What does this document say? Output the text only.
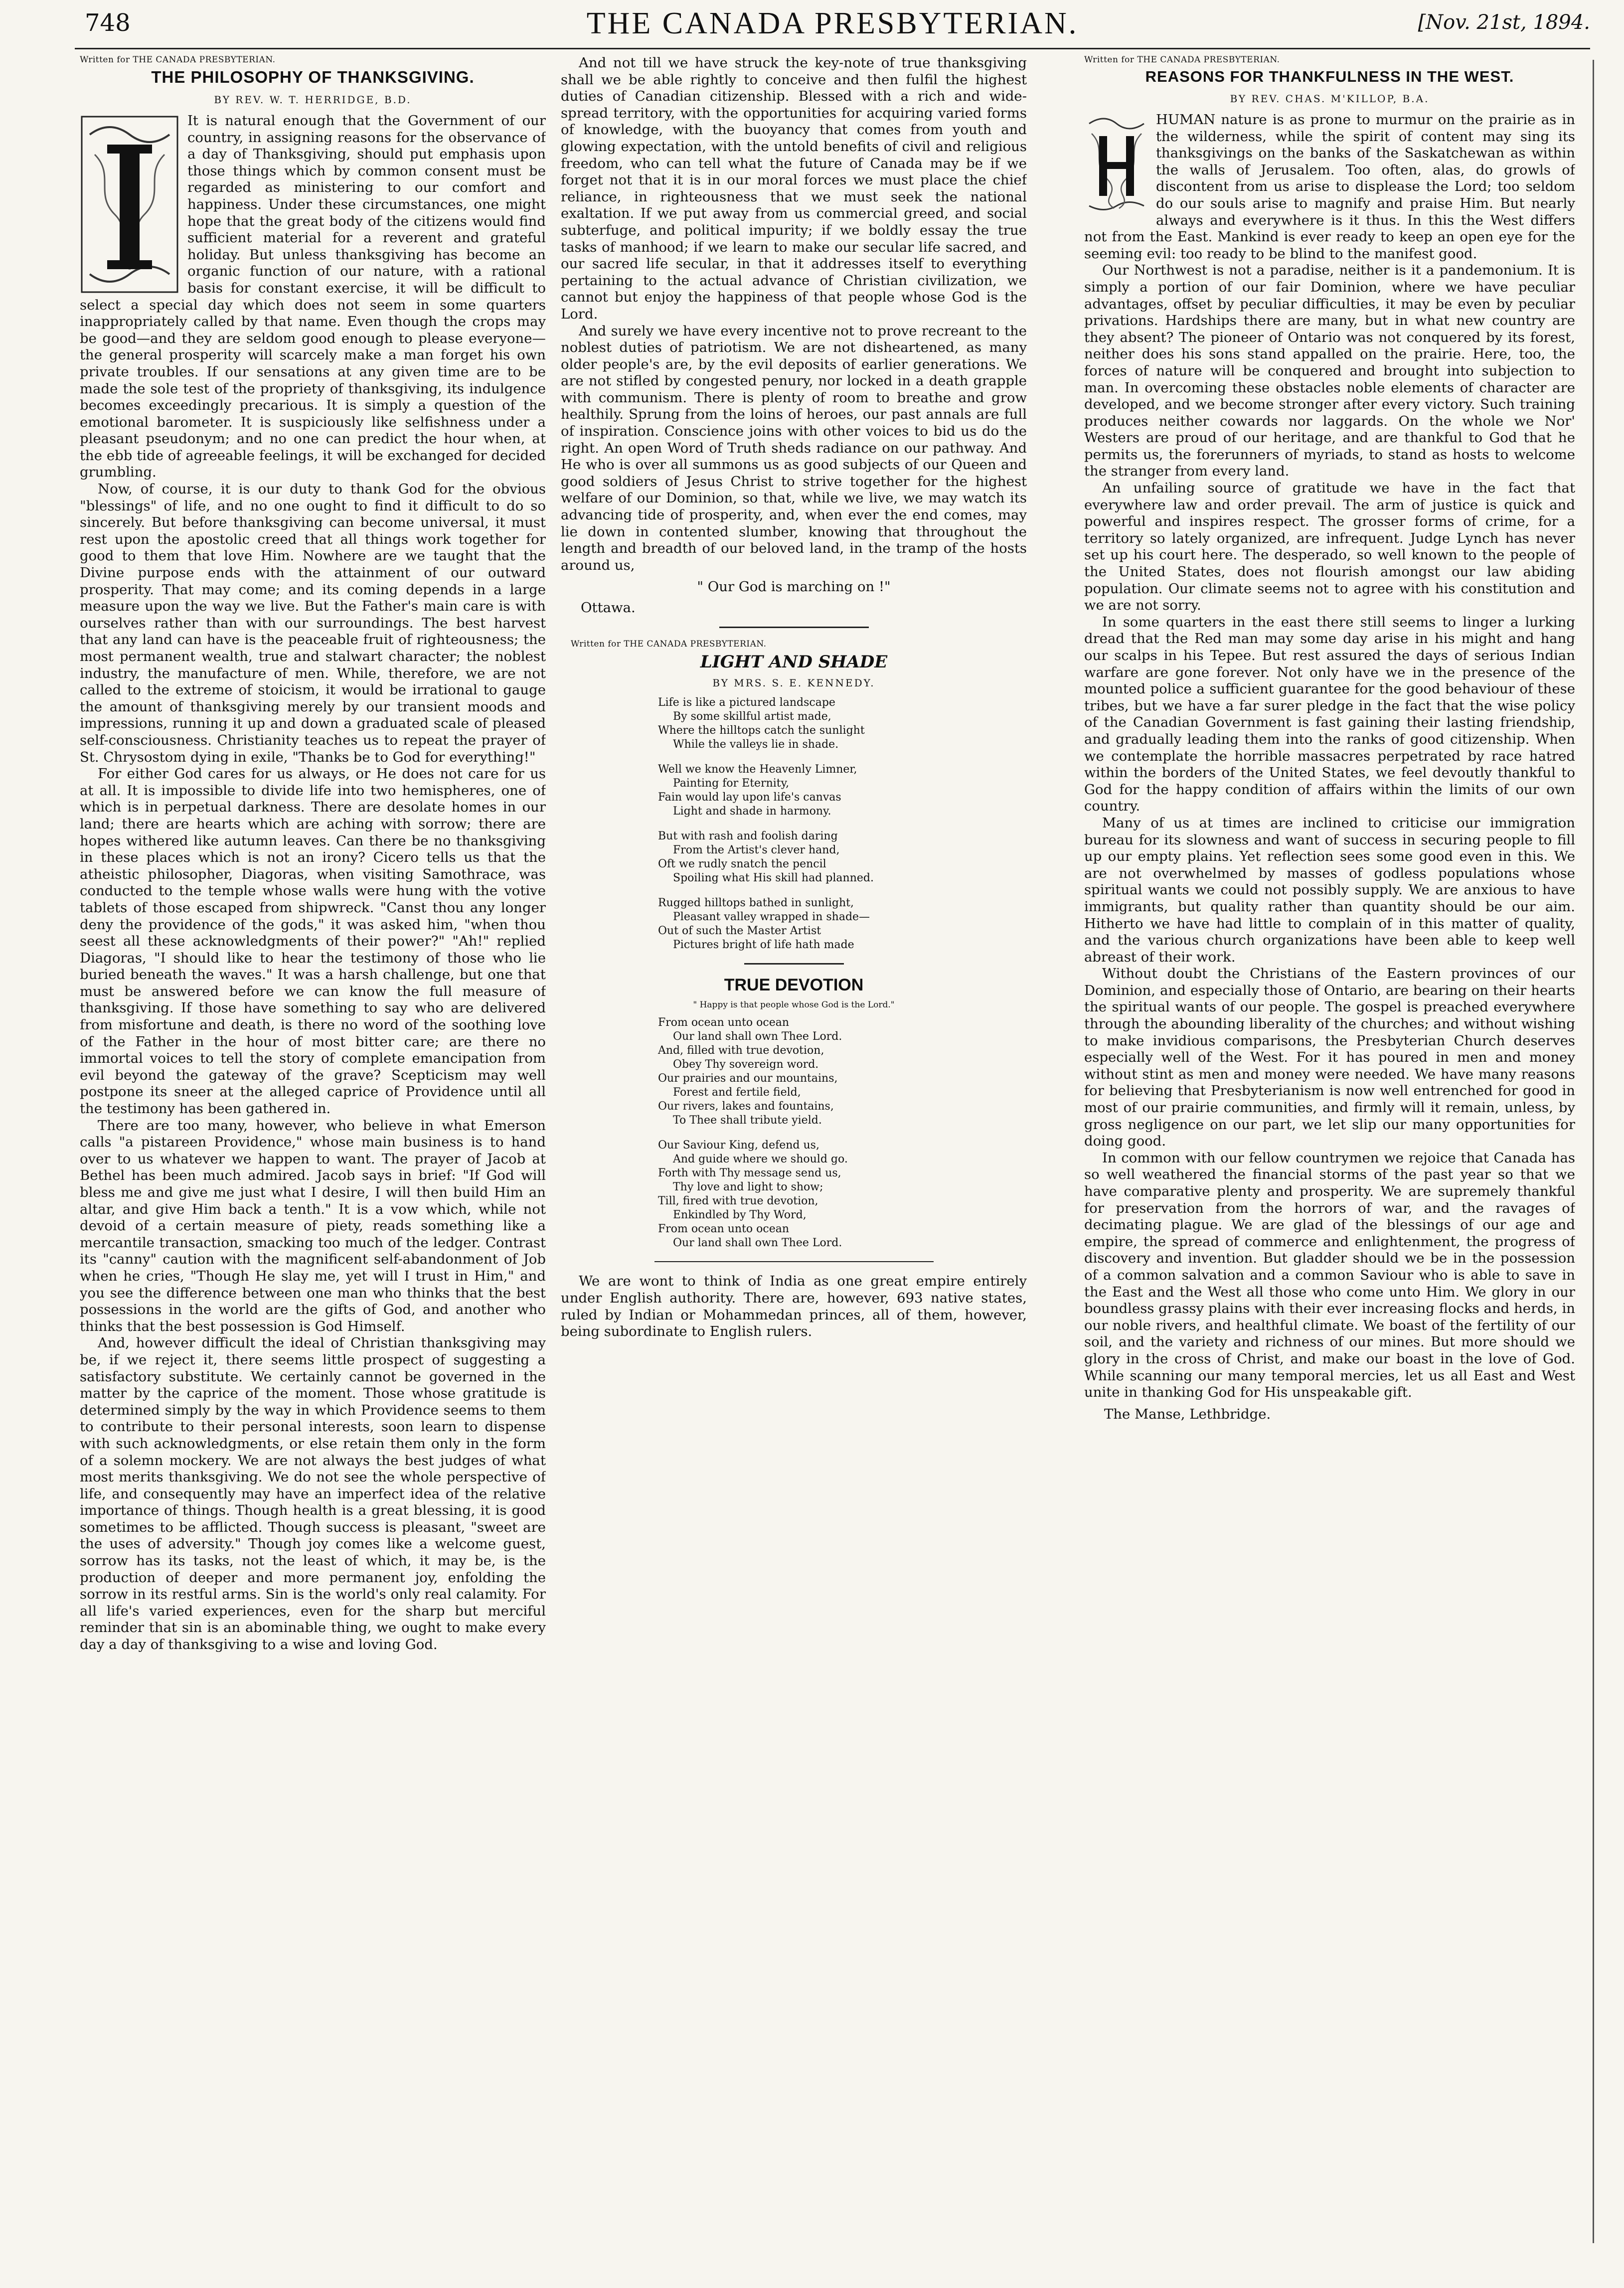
748	THE CANADA PRESBYTERIAN.	[Nov. 21st, 1894.
Written for THE CANADA PRESBYTERIAN.
THE PHILOSOPHY OF THANKSGIVING.
BY REV. W. T. HERRIDGE, B.D.

It is natural enough that the Government of our country, in assigning reasons for the observance of a day of Thanksgiving, should put emphasis upon those things which by common consent must be regarded as ministering to our comfort and happiness. Under these circumstances, one might hope that the great body of the citizens would find sufficient material for a reverent and grateful holiday. But unless thanksgiving has become an organic function of our nature, with a rational basis for constant exercise, it will be difficult to select a special day which does not seem in some quarters inappropriately called by that name. Even though the crops may be good—and they are seldom good enough to please everyone—the general prosperity will scarcely make a man forget his own private troubles. If our sensations at any given time are to be made the sole test of the propriety of thanksgiving, its indulgence becomes exceedingly precarious. It is simply a question of the emotional barometer. It is suspiciously like selfishness under a pleasant pseudonym; and no one can predict the hour when, at the ebb tide of agreeable feelings, it will be exchanged for decided grumbling.

Now, of course, it is our duty to thank God for the obvious "blessings" of life, and no one ought to find it difficult to do so sincerely. But before thanksgiving can become universal, it must rest upon the apostolic creed that all things work together for good to them that love Him. Nowhere are we taught that the Divine purpose ends with the attainment of our outward prosperity. That may come; and its coming depends in a large measure upon the way we live. But the Father's main care is with ourselves rather than with our surroundings. The best harvest that any land can have is the peaceable fruit of righteousness; the most permanent wealth, true and stalwart character; the noblest industry, the manufacture of men. While, therefore, we are not called to the extreme of stoicism, it would be irrational to gauge the amount of thanksgiving merely by our transient moods and impressions, running it up and down a graduated scale of pleased self-consciousness. Christianity teaches us to repeat the prayer of St. Chrysostom dying in exile, "Thanks be to God for everything!"

For either God cares for us always, or He does not care for us at all. It is impossible to divide life into two hemispheres, one of which is in perpetual darkness. There are desolate homes in our land; there are hearts which are aching with sorrow; there are hopes withered like autumn leaves. Can there be no thanksgiving in these places which is not an irony? Cicero tells us that the atheistic philosopher, Diagoras, when visiting Samothrace, was conducted to the temple whose walls were hung with the votive tablets of those escaped from shipwreck. "Canst thou any longer deny the providence of the gods," it was asked him, "when thou seest all these acknowledgments of their power?" "Ah!" replied Diagoras, "I should like to hear the testimony of those who lie buried beneath the waves." It was a harsh challenge, but one that must be answered before we can know the full measure of thanksgiving. If those have something to say who are delivered from misfortune and death, is there no word of the soothing love of the Father in the hour of most bitter care; are there no immortal voices to tell the story of complete emancipation from evil beyond the gateway of the grave? Scepticism may well postpone its sneer at the alleged caprice of Providence until all the testimony has been gathered in.

There are too many, however, who believe in what Emerson calls "a pistareen Providence," whose main business is to hand over to us whatever we happen to want. The prayer of Jacob at Bethel has been much admired. Jacob says in brief: "If God will bless me and give me just what I desire, I will then build Him an altar, and give Him back a tenth." It is a vow which, while not devoid of a certain measure of piety, reads something like a mercantile transaction, smacking too much of the ledger. Contrast its "canny" caution with the magnificent self-abandonment of Job when he cries, "Though He slay me, yet will I trust in Him," and you see the difference between one man who thinks that the best possessions in the world are the gifts of God, and another who thinks that the best possession is God Himself.

And, however difficult the ideal of Christian thanksgiving may be, if we reject it, there seems little prospect of suggesting a satisfactory substitute. We certainly cannot be governed in the matter by the caprice of the moment. Those whose gratitude is determined simply by the way in which Providence seems to them to contribute to their personal interests, soon learn to dispense with such acknowledgments, or else retain them only in the form of a solemn mockery. We are not always the best judges of what most merits thanksgiving. We do not see the whole perspective of life, and consequently may have an imperfect idea of the relative importance of things. Though health is a great blessing, it is good sometimes to be afflicted. Though success is pleasant, "sweet are the uses of adversity." Though joy comes like a welcome guest, sorrow has its tasks, not the least of which, it may be, is the production of deeper and more permanent joy, enfolding the sorrow in its restful arms. Sin is the world's only real calamity. For all life's varied experiences, even for the sharp but merciful reminder that sin is an abominable thing, we ought to make every day a day of thanksgiving to a wise and loving God.

And not till we have struck the key-note of true thanksgiving shall we be able rightly to conceive and then fulfil the highest duties of Canadian citizenship. Blessed with a rich and wide-spread territory, with the opportunities for acquiring varied forms of knowledge, with the buoyancy that comes from youth and glowing expectation, with the untold benefits of civil and religious freedom, who can tell what the future of Canada may be if we forget not that it is in our moral forces we must place the chief reliance, in righteousness that we must seek the national exaltation. If we put away from us commercial greed, and social subterfuge, and political impurity; if we boldly essay the true tasks of manhood; if we learn to make our secular life sacred, and our sacred life secular, in that it addresses itself to everything pertaining to the actual advance of Christian civilization, we cannot but enjoy the happiness of that people whose God is the Lord.

And surely we have every incentive not to prove recreant to the noblest duties of patriotism. We are not disheartened, as many older people's are, by the evil deposits of earlier generations. We are not stifled by congested penury, nor locked in a death grapple with communism. There is plenty of room to breathe and grow healthily. Sprung from the loins of heroes, our past annals are full of inspiration. Conscience joins with other voices to bid us do the right. An open Word of Truth sheds radiance on our pathway. And He who is over all summons us as good subjects of our Queen and good soldiers of Jesus Christ to strive together for the highest welfare of our Dominion, so that, while we live, we may watch its advancing tide of prosperity, and, when ever the end comes, may lie down in contented slumber, knowing that throughout the length and breadth of our beloved land, in the tramp of the hosts around us,

" Our God is marching on !"
Ottawa.
Written for THE CANADA PRESBYTERIAN.
LIGHT AND SHADE
BY MRS. S. E. KENNEDY.
Life is like a pictured landscape
By some skillful artist made,
Where the hilltops catch the sunlight
While the valleys lie in shade.
Well we know the Heavenly Limner,
Painting for Eternity,
Fain would lay upon life's canvas
Light and shade in harmony.
But with rash and foolish daring
From the Artist's clever hand,
Oft we rudly snatch the pencil
Spoiling what His skill had planned.
Rugged hilltops bathed in sunlight,
Pleasant valley wrapped in shade—
Out of such the Master Artist
Pictures bright of life hath made
TRUE DEVOTION
" Happy is that people whose God is the Lord."
From ocean unto ocean
Our land shall own Thee Lord.
And, filled with true devotion,
Obey Thy sovereign word.
Our prairies and our mountains,
Forest and fertile field,
Our rivers, lakes and fountains,
To Thee shall tribute yield.
Our Saviour King, defend us,
And guide where we should go.
Forth with Thy message send us,
Thy love and light to show;
Till, fired with true devotion,
Enkindled by Thy Word,
From ocean unto ocean
Our land shall own Thee Lord.

We are wont to think of India as one great empire entirely under English authority. There are, however, 693 native states, ruled by Indian or Mohammedan princes, all of them, however, being subordinate to English rulers.

Written for THE CANADA PRESBYTERIAN.
REASONS FOR THANKFULNESS IN THE WEST.
BY REV. CHAS. M'KILLOP, B.A.

HUMAN nature is as prone to murmur on the prairie as in the wilderness, while the spirit of content may sing its thanksgivings on the banks of the Saskatchewan as within the walls of Jerusalem. Too often, alas, do growls of discontent from us arise to displease the Lord; too seldom do our souls arise to magnify and praise Him. But nearly always and everywhere is it thus. In this the West differs not from the East. Mankind is ever ready to keep an open eye for the seeming evil: too ready to be blind to the manifest good.

Our Northwest is not a paradise, neither is it a pandemonium. It is simply a portion of our fair Dominion, where we have peculiar advantages, offset by peculiar difficulties, it may be even by peculiar privations. Hardships there are many, but in what new country are they absent? The pioneer of Ontario was not conquered by its forest, neither does his sons stand appalled on the prairie. Here, too, the forces of nature will be conquered and brought into subjection to man. In overcoming these obstacles noble elements of character are developed, and we become stronger after every victory. Such training produces neither cowards nor laggards. On the whole we Nor' Westers are proud of our heritage, and are thankful to God that he permits us, the forerunners of myriads, to stand as hosts to welcome the stranger from every land.

An unfailing source of gratitude we have in the fact that everywhere law and order prevail. The arm of justice is quick and powerful and inspires respect. The grosser forms of crime, for a territory so lately organized, are infrequent. Judge Lynch has never set up his court here. The desperado, so well known to the people of the United States, does not flourish amongst our law abiding population. Our climate seems not to agree with his constitution and we are not sorry.

In some quarters in the east there still seems to linger a lurking dread that the Red man may some day arise in his might and hang our scalps in his Tepee. But rest assured the days of serious Indian warfare are gone forever. Not only have we in the presence of the mounted police a sufficient guarantee for the good behaviour of these tribes, but we have a far surer pledge in the fact that the wise policy of the Canadian Government is fast gaining their lasting friendship, and gradually leading them into the ranks of good citizenship. When we contemplate the horrible massacres perpetrated by race hatred within the borders of the United States, we feel devoutly thankful to God for the happy condition of affairs within the limits of our own country.

Many of us at times are inclined to criticise our immigration bureau for its slowness and want of success in securing people to fill up our empty plains. Yet reflection sees some good even in this. We are not overwhelmed by masses of godless populations whose spiritual wants we could not possibly supply. We are anxious to have immigrants, but quality rather than quantity should be our aim. Hitherto we have had little to complain of in this matter of quality, and the various church organizations have been able to keep well abreast of their work.

Without doubt the Christians of the Eastern provinces of our Dominion, and especially those of Ontario, are bearing on their hearts the spiritual wants of our people. The gospel is preached everywhere through the abounding liberality of the churches; and without wishing to make invidious comparisons, the Presbyterian Church deserves especially well of the West. For it has poured in men and money without stint as men and money were needed. We have many reasons for believing that Presbyterianism is now well entrenched for good in most of our prairie communities, and firmly will it remain, unless, by gross negligence on our part, we let slip our many opportunities for doing good.

In common with our fellow countrymen we rejoice that Canada has so well weathered the financial storms of the past year so that we have comparative plenty and prosperity. We are supremely thankful for preservation from the horrors of war, and the ravages of decimating plague. We are glad of the blessings of our age and empire, the spread of commerce and enlightenment, the progress of discovery and invention. But gladder should we be in the possession of a common salvation and a common Saviour who is able to save in the East and the West all those who come unto Him. We glory in our boundless grassy plains with their ever increasing flocks and herds, in our noble rivers, and healthful climate. We boast of the fertility of our soil, and the variety and richness of our mines. But more should we glory in the cross of Christ, and make our boast in the love of God. While scanning our many temporal mercies, let us all East and West unite in thanking God for His unspeakable gift.

The Manse, Lethbridge.
